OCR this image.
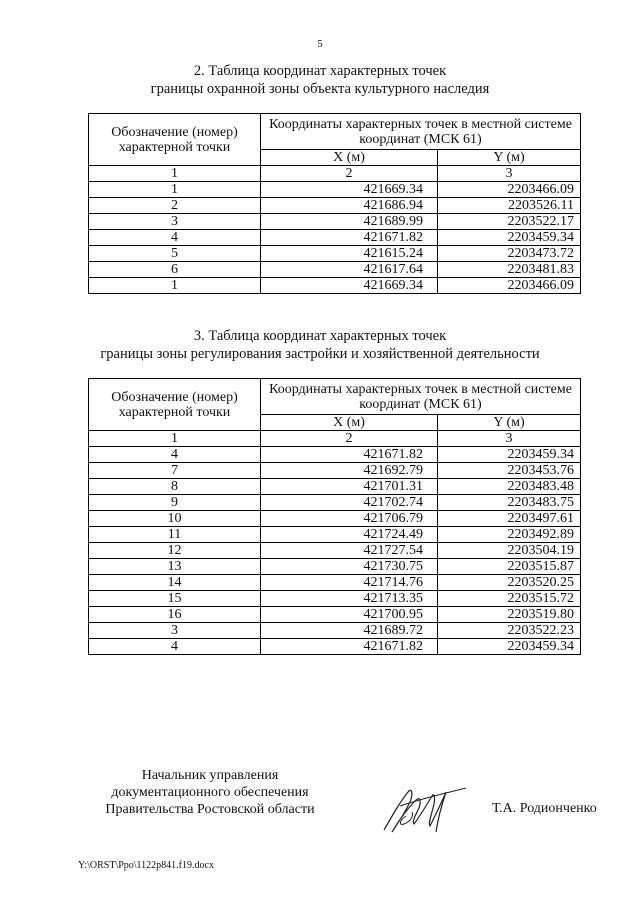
5
2. Таблица координат характерных точек
границы охранной зоны объекта культурного наследия
Обозначение (номер) характерной точки	Координаты характерных точек в местной системе координат (МСК 61)	
	X (м)	Y (м)
1	2	3
1	421669.34	2203466.09
2	421686.94	2203526.11
3	421689.99	2203522.17
4	421671.82	2203459.34
5	421615.24	2203473.72
6	421617.64	2203481.83
1	421669.34	2203466.09
3. Таблица координат характерных точек
границы зоны регулирования застройки и хозяйственной деятельности
Обозначение (номер) характерной точки	Координаты характерных точек в местной системе координат (МСК 61)	
	X (м)	Y (м)
1	2	3
4	421671.82	2203459.34
7	421692.79	2203453.76
8	421701.31	2203483.48
9	421702.74	2203483.75
10	421706.79	2203497.61
11	421724.49	2203492.89
12	421727.54	2203504.19
13	421730.75	2203515.87
14	421714.76	2203520.25
15	421713.35	2203515.72
16	421700.95	2203519.80
3	421689.72	2203522.23
4	421671.82	2203459.34
Начальник управления
документационного обеспечения
Правительства Ростовской области	Т.А. Родионченко
Y:\ORST\Ppo\1122p841.f19.docx
